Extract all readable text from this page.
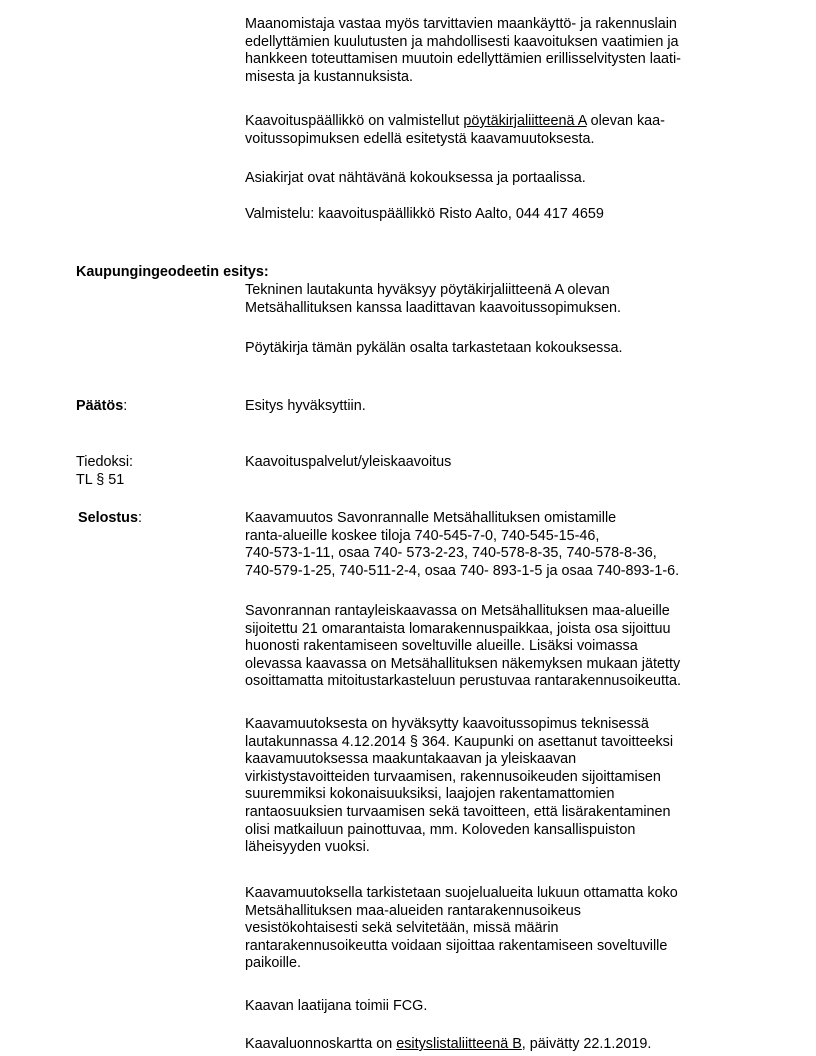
Maanomistaja vastaa myös tarvittavien maankäyttö- ja rakennuslain
edellyttämien kuulutusten ja mahdollisesti kaavoituksen vaatimien ja
hankkeen toteuttamisen muutoin edellyttämien erillisselvitysten laati-
misesta ja kustannuksista.

Kaavoituspäällikkö on valmistellut pöytäkirjaliitteenä A olevan kaa-
voitussopimuksen edellä esitetystä kaavamuutoksesta.

Asiakirjat ovat nähtävänä kokouksessa ja portaalissa.

Valmistelu: kaavoituspäällikkö Risto Aalto, 044 417 4659

Kaupungingeodeetin esitys:

Tekninen lautakunta hyväksyy pöytäkirjaliitteenä A olevan
Metsähallituksen kanssa laadittavan kaavoitussopimuksen.

Pöytäkirja tämän pykälän osalta tarkastetaan kokouksessa.

Päätös:	Esitys hyväksyttiin.

Tiedoksi:
TL § 51

Kaavoituspalvelut/yleiskaavoitus

Selostus:	Kaavamuutos Savonrannalle Metsähallituksen omistamille
ranta-alueille koskee tiloja 740-545-7-0, 740-545-15-46,
740-573-1-11, osaa 740- 573-2-23, 740-578-8-35, 740-578-8-36,
740-579-1-25, 740-511-2-4, osaa 740- 893-1-5 ja osaa 740-893-1-6.

Savonrannan rantayleiskaavassa on Metsähallituksen maa-alueille
sijoitettu 21 omarantaista lomarakennuspaikkaa, joista osa sijoittuu
huonosti rakentamiseen soveltuville alueille. Lisäksi voimassa
olevassa kaavassa on Metsähallituksen näkemyksen mukaan jätetty
osoittamatta mitoitustarkasteluun perustuvaa rantarakennusoikeutta.

Kaavamuutoksesta on hyväksytty kaavoitussopimus teknisessä
lautakunnassa 4.12.2014 § 364. Kaupunki on asettanut tavoitteeksi
kaavamuutoksessa maakuntakaavan ja yleiskaavan
virkistystavoitteiden turvaamisen, rakennusoikeuden sijoittamisen
suuremmiksi kokonaisuuksiksi, laajojen rakentamattomien
rantaosuuksien turvaamisen sekä tavoitteen, että lisärakentaminen
olisi matkailuun painottuvaa, mm. Koloveden kansallispuiston
läheisyyden vuoksi.

Kaavamuutoksella tarkistetaan suojelualueita lukuun ottamatta koko
Metsähallituksen maa-alueiden rantarakennusoikeus
vesistökohtaisesti sekä selvitetään, missä määrin
rantarakennusoikeutta voidaan sijoittaa rakentamiseen soveltuville
paikoille.

Kaavan laatijana toimii FCG.

Kaavaluonnoskartta on esityslistaliitteenä B, päivätty 22.1.2019.
